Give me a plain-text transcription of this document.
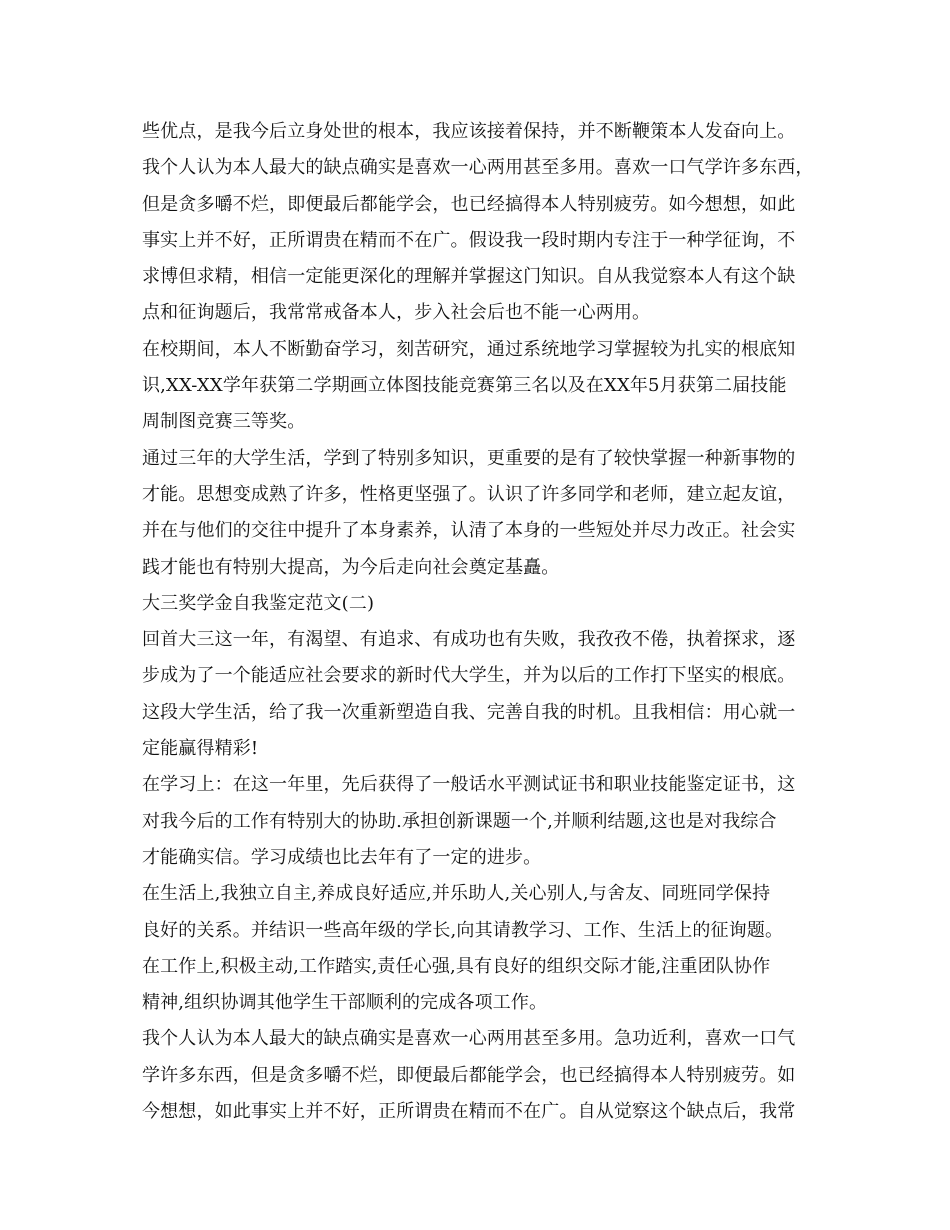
些优点，是我今后立身处世的根本，我应该接着保持，并不断鞭策本人发奋向上。
我个人认为本人最大的缺点确实是喜欢一心两用甚至多用。喜欢一口气学许多东西，
但是贪多嚼不烂，即便最后都能学会，也已经搞得本人特别疲劳。如今想想，如此
事实上并不好，正所谓贵在精而不在广。假设我一段时期内专注于一种学征询，不
求博但求精，相信一定能更深化的理解并掌握这门知识。自从我觉察本人有这个缺
点和征询题后，我常常戒备本人，步入社会后也不能一心两用。
在校期间，本人不断勤奋学习，刻苦研究，通过系统地学习掌握较为扎实的根底知
识,XX-XX学年获第二学期画立体图技能竞赛第三名以及在XX年5月获第二届技能
周制图竞赛三等奖。
通过三年的大学生活，学到了特别多知识，更重要的是有了较快掌握一种新事物的
才能。思想变成熟了许多，性格更坚强了。认识了许多同学和老师，建立起友谊，
并在与他们的交往中提升了本身素养，认清了本身的一些短处并尽力改正。社会实
践才能也有特别大提高，为今后走向社会奠定基矗。
大三奖学金自我鉴定范文(二)
回首大三这一年，有渴望、有追求、有成功也有失败，我孜孜不倦，执着探求，逐
步成为了一个能适应社会要求的新时代大学生，并为以后的工作打下坚实的根底。
这段大学生活，给了我一次重新塑造自我、完善自我的时机。且我相信：用心就一
定能赢得精彩!
在学习上：在这一年里，先后获得了一般话水平测试证书和职业技能鉴定证书，这
对我今后的工作有特别大的协助.承担创新课题一个,并顺利结题,这也是对我综合
才能确实信。学习成绩也比去年有了一定的进步。
在生活上,我独立自主,养成良好适应,并乐助人,关心别人,与舍友、同班同学保持
良好的关系。并结识一些高年级的学长,向其请教学习、工作、生活上的征询题。
在工作上,积极主动,工作踏实,责任心强,具有良好的组织交际才能,注重团队协作
精神,组织协调其他学生干部顺利的完成各项工作。
我个人认为本人最大的缺点确实是喜欢一心两用甚至多用。急功近利，喜欢一口气
学许多东西，但是贪多嚼不烂，即便最后都能学会，也已经搞得本人特别疲劳。如
今想想，如此事实上并不好，正所谓贵在精而不在广。自从觉察这个缺点后，我常
